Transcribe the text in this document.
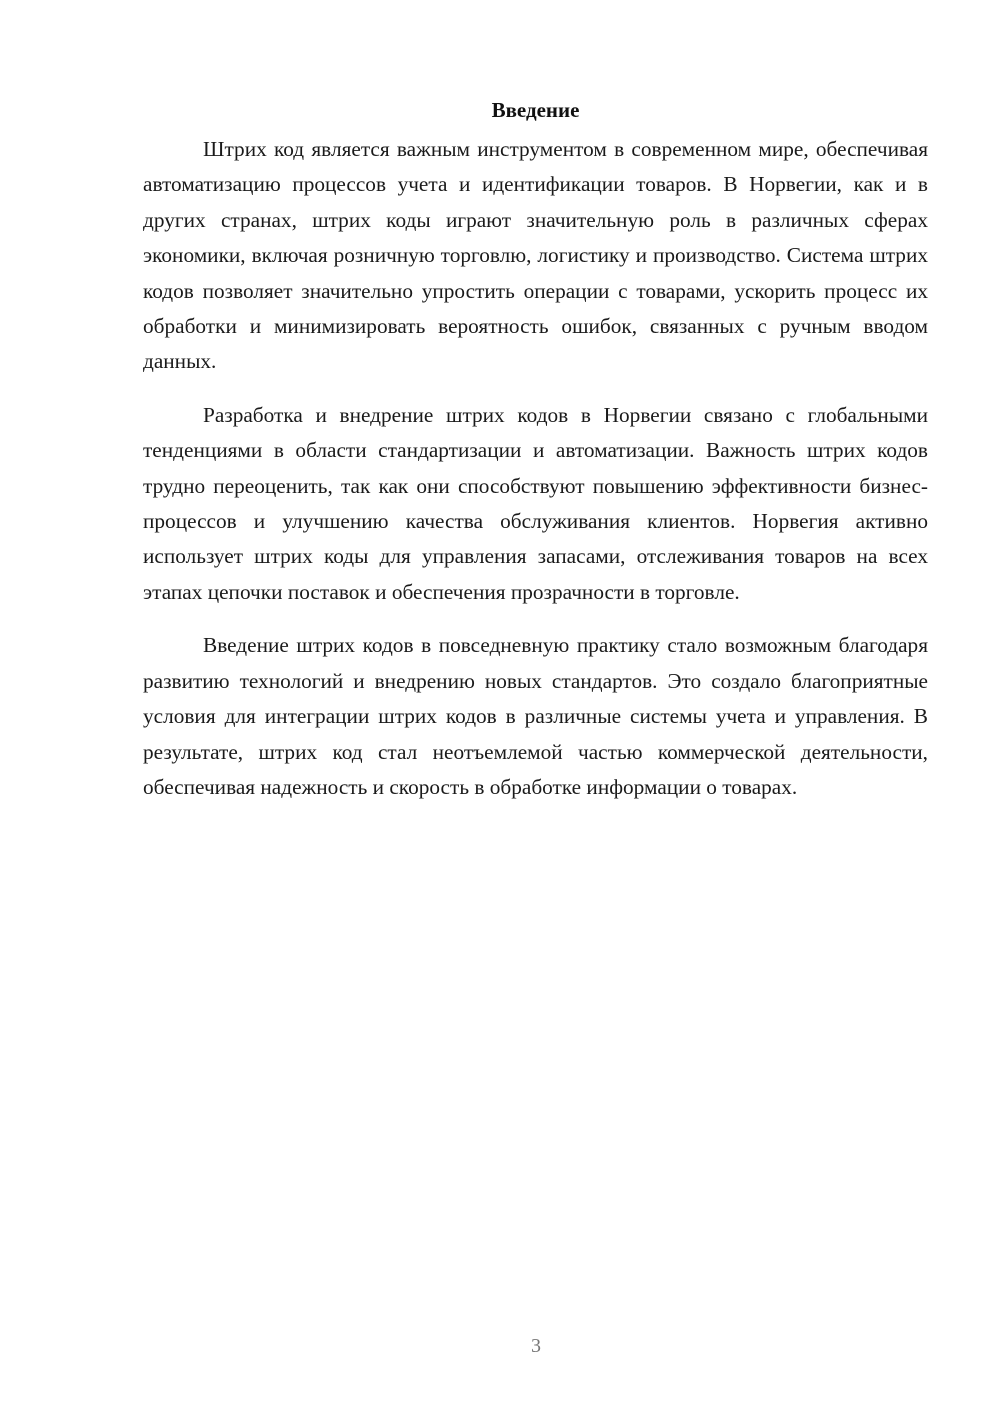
Введение

Штрих код является важным инструментом в современном мире, обеспечивая автоматизацию процессов учета и идентификации товаров. В Норвегии, как и в других странах, штрих коды играют значительную роль в различных сферах экономики, включая розничную торговлю, логистику и производство. Система штрих кодов позволяет значительно упростить операции с товарами, ускорить процесс их обработки и минимизировать вероятность ошибок, связанных с ручным вводом данных.

Разработка и внедрение штрих кодов в Норвегии связано с глобальными тенденциями в области стандартизации и автоматизации. Важность штрих кодов трудно переоценить, так как они способствуют повышению эффективности бизнес-процессов и улучшению качества обслуживания клиентов. Норвегия активно использует штрих коды для управления запасами, отслеживания товаров на всех этапах цепочки поставок и обеспечения прозрачности в торговле.

Введение штрих кодов в повседневную практику стало возможным благодаря развитию технологий и внедрению новых стандартов. Это создало благоприятные условия для интеграции штрих кодов в различные системы учета и управления. В результате, штрих код стал неотъемлемой частью коммерческой деятельности, обеспечивая надежность и скорость в обработке информации о товарах.

3
